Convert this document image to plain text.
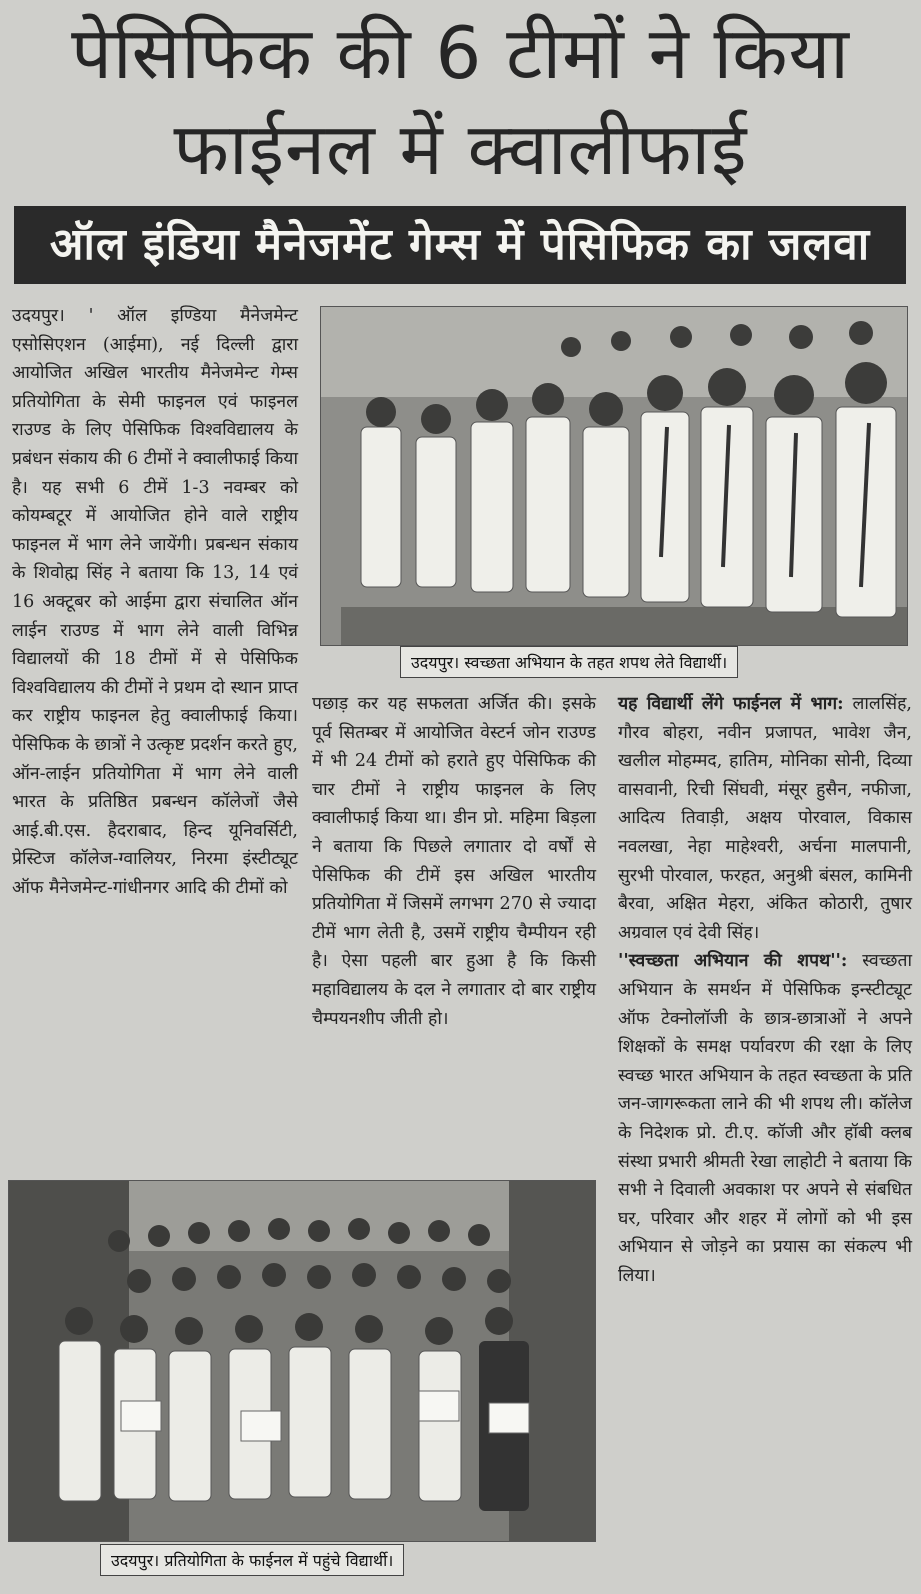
पेसिफिक की 6 टीमों ने किया
फाईनल में क्वालीफाई
ऑल इंडिया मैनेजमेंट गेम्स में पेसिफिक का जलवा

उदयपुर। ' ऑल इण्डिया मैनेजमेन्ट एसोसिएशन (आईमा), नई दिल्ली द्वारा आयोजित अखिल भारतीय मैनेजमेन्ट गेम्स प्रतियोगिता के सेमी फाइनल एवं फाइनल राउण्ड के लिए पेसिफिक विश्वविद्यालय के प्रबंधन संकाय की 6 टीमों ने क्वालीफाई किया है। यह सभी 6 टीमें 1-3 नवम्बर को कोयम्बटूर में आयोजित होने वाले राष्ट्रीय फाइनल में भाग लेने जायेंगी। प्रबन्धन संकाय के शिवोह्म सिंह ने बताया कि 13, 14 एवं 16 अक्टूबर को आईमा द्वारा संचालित ऑन लाईन राउण्ड में भाग लेने वाली विभिन्न विद्यालयों की 18 टीमों में से पेसिफिक विश्वविद्यालय की टीमों ने प्रथम दो स्थान प्राप्त कर राष्ट्रीय फाइनल हेतु क्वालीफाई किया। पेसिफिक के छात्रों ने उत्कृष्ट प्रदर्शन करते हुए, ऑन-लाईन प्रतियोगिता में भाग लेने वाली भारत के प्रतिष्ठित प्रबन्धन कॉलेजों जैसे आई.बी.एस. हैदराबाद, हिन्द यूनिवर्सिटी, प्रेस्टिज कॉलेज-ग्वालियर, निरमा इंस्टीट्यूट ऑफ मैनेजमेन्ट-गांधीनगर आदि की टीमों को

उदयपुर। स्वच्छता अभियान के तहत शपथ लेते विद्यार्थी।

पछाड़ कर यह सफलता अर्जित की। इसके पूर्व सितम्बर में आयोजित वेस्टर्न जोन राउण्ड में भी 24 टीमों को हराते हुए पेसिफिक की चार टीमों ने राष्ट्रीय फाइनल के लिए क्वालीफाई किया था। डीन प्रो. महिमा बिड़ला ने बताया कि पिछले लगातार दो वर्षों से पेसिफिक की टीमें इस अखिल भारतीय प्रतियोगिता में जिसमें लगभग 270 से ज्यादा टीमें भाग लेती है, उसमें राष्ट्रीय चैम्पीयन रही है। ऐसा पहली बार हुआ है कि किसी महाविद्यालय के दल ने लगातार दो बार राष्ट्रीय चैम्पयनशीप जीती हो।

यह विद्यार्थी लेंगे फाईनल में भाग: लालसिंह, गौरव बोहरा, नवीन प्रजापत, भावेश जैन, खलील मोहम्मद, हातिम, मोनिका सोनी, दिव्या वासवानी, रिची सिंघवी, मंसूर हुसैन, नफीजा, आदित्य तिवाड़ी, अक्षय पोरवाल, विकास नवलखा, नेहा माहेश्वरी, अर्चना मालपानी, सुरभी पोरवाल, फरहत, अनुश्री बंसल, कामिनी बैरवा, अक्षित मेहरा, अंकित कोठारी, तुषार अग्रवाल एवं देवी सिंह।

''स्वच्छता अभियान की शपथ'': स्वच्छता अभियान के समर्थन में पेसिफिक इन्स्टीट्यूट ऑफ टेक्नोलॉजी के छात्र-छात्राओं ने अपने शिक्षकों के समक्ष पर्यावरण की रक्षा के लिए स्वच्छ भारत अभियान के तहत स्वच्छता के प्रति जन-जागरूकता लाने की भी शपथ ली। कॉलेज के निदेशक प्रो. टी.ए. कॉजी और हॉबी क्लब संस्था प्रभारी श्रीमती रेखा लाहोटी ने बताया कि सभी ने दिवाली अवकाश पर अपने से संबधित घर, परिवार और शहर में लोगों को भी इस अभियान से जोड़ने का प्रयास का संकल्प भी लिया।

उदयपुर। प्रतियोगिता के फाईनल में पहुंचे विद्यार्थी।
